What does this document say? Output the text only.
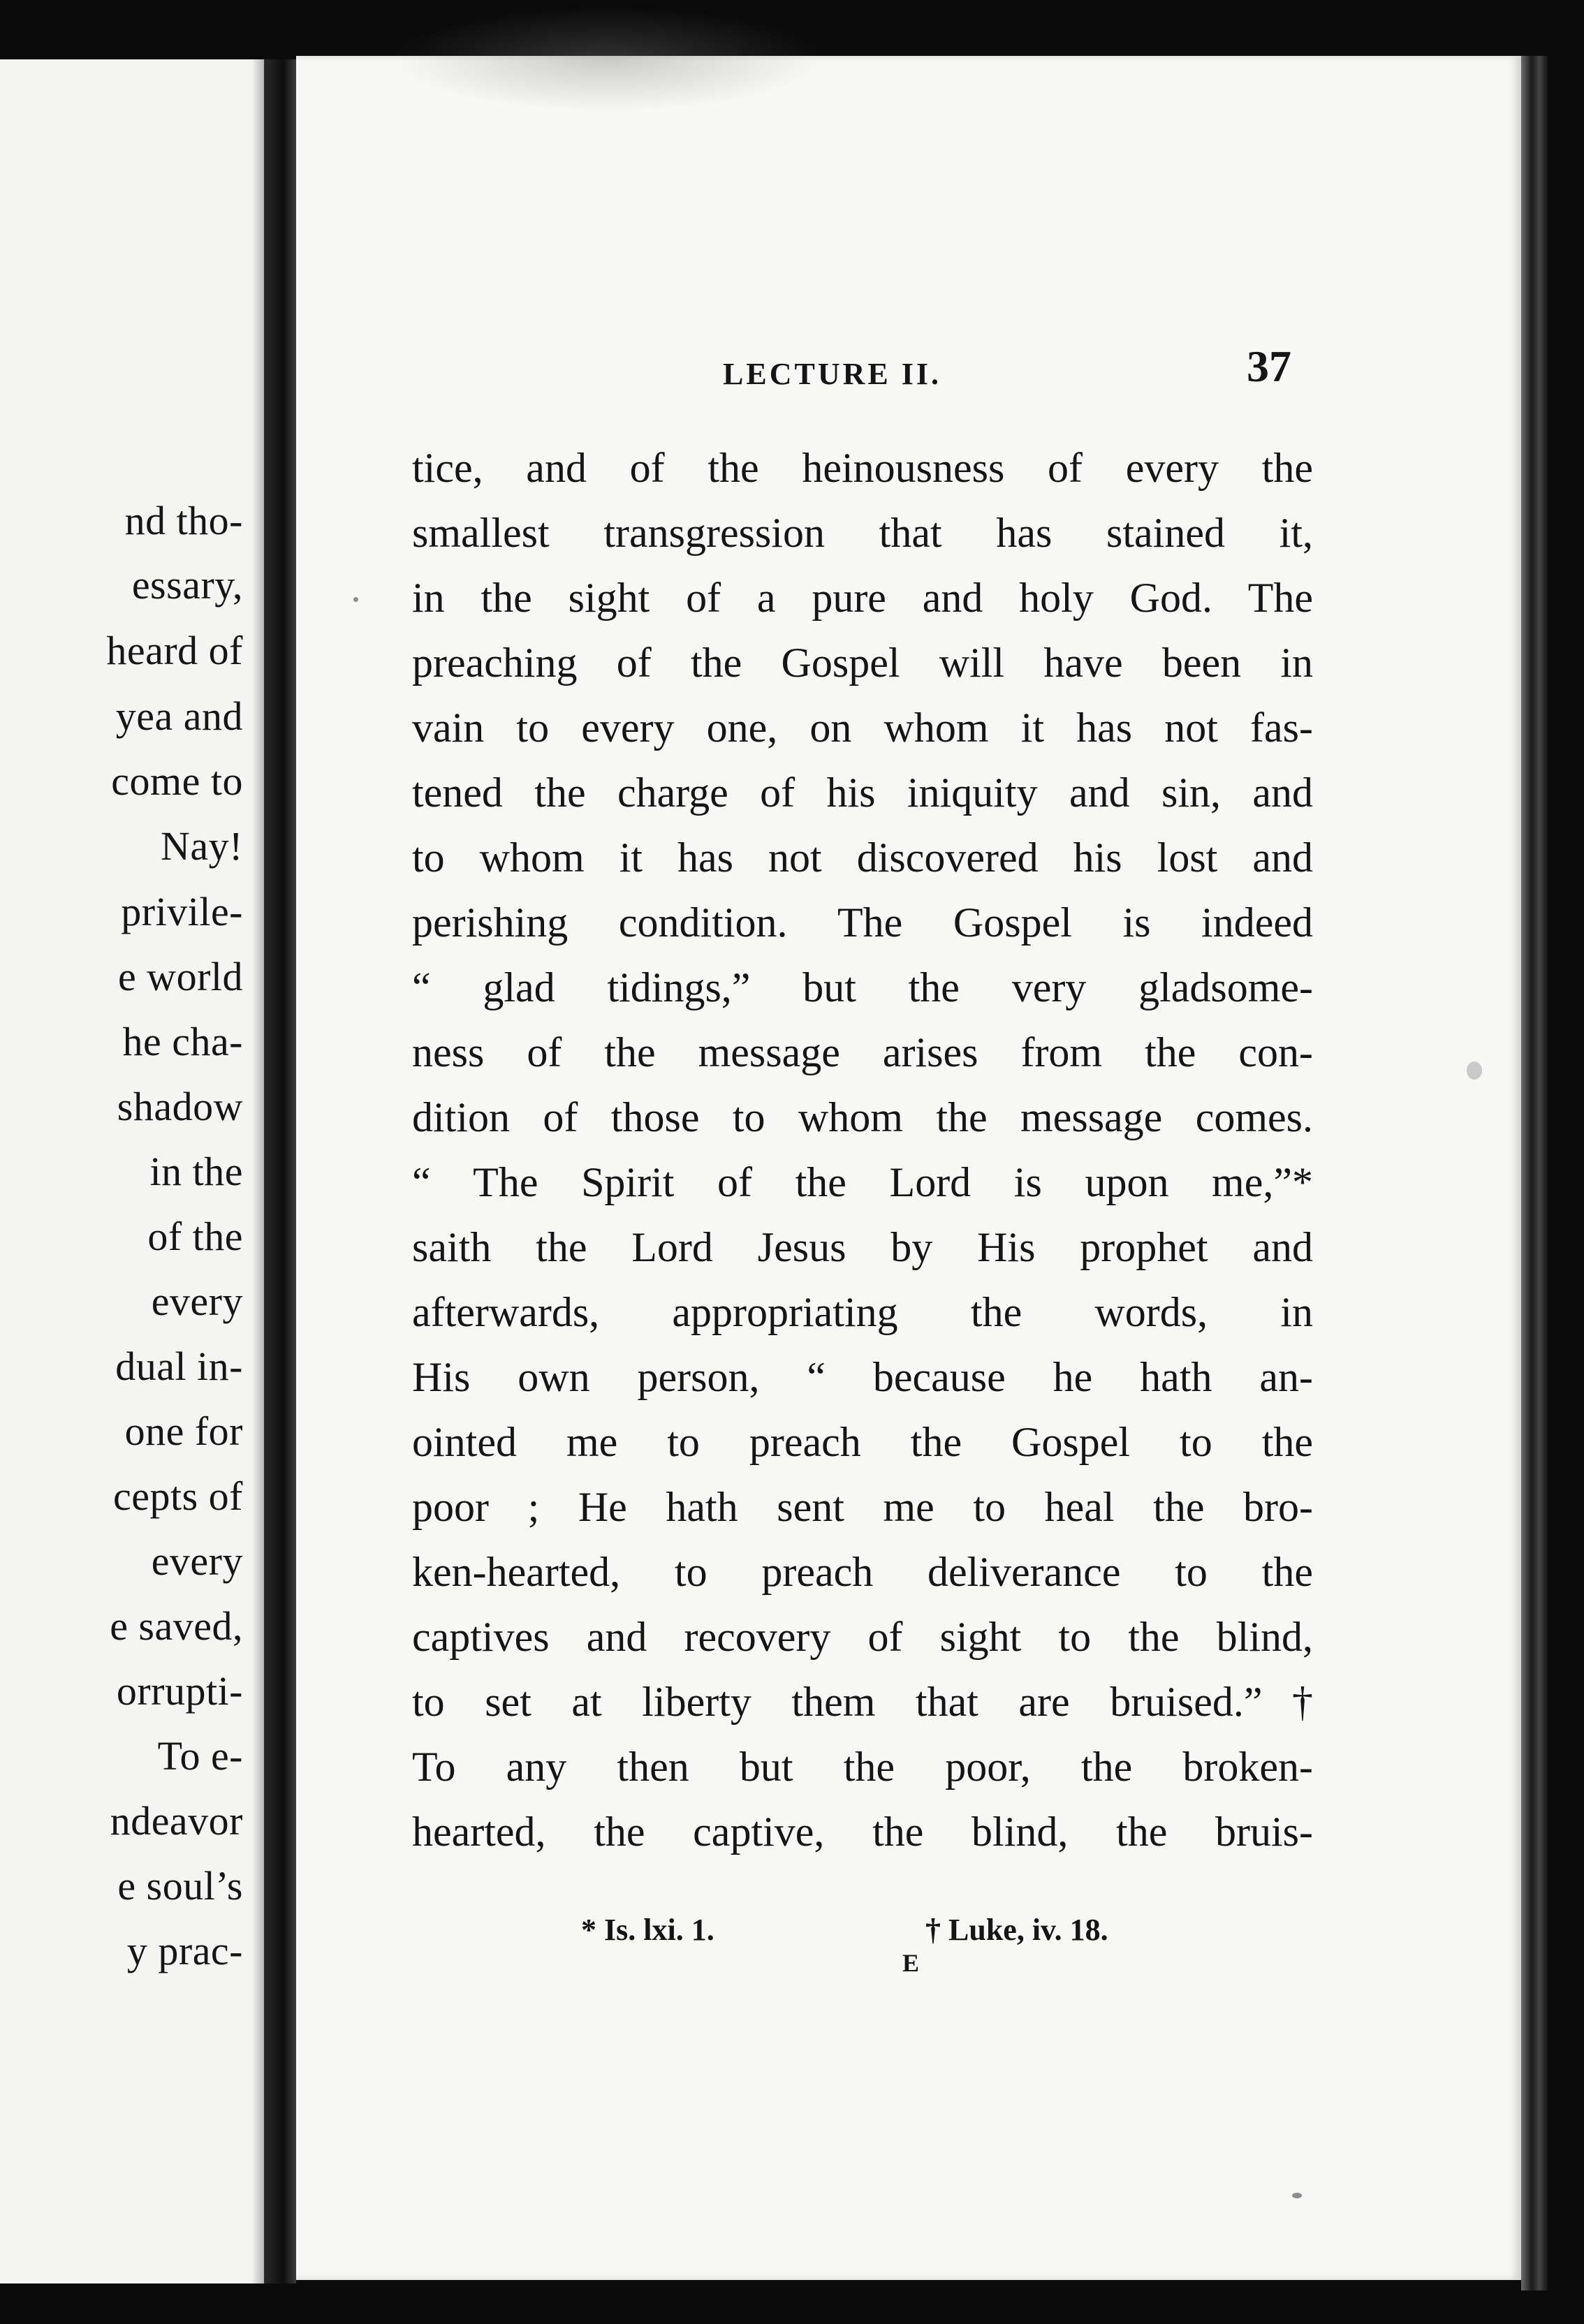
nd tho-
essary,
heard of
yea and
come to
Nay!
privile-
e world
he cha-
shadow
in the
of the
every
dual in-
one for
cepts of
every
e saved,
orrupti-
To e-
ndeavor
e soul’s
y prac-
LECTURE II.	37
tice, and of the heinousness of every the
smallest transgression that has stained it,
in the sight of a pure and holy God. The
preaching of the Gospel will have been in
vain to every one, on whom it has not fas-
tened the charge of his iniquity and sin, and
to whom it has not discovered his lost and
perishing condition. The Gospel is indeed
“ glad tidings,” but the very gladsome-
ness of the message arises from the con-
dition of those to whom the message comes.
“ The Spirit of the Lord is upon me,”*
saith the Lord Jesus by His prophet and
afterwards, appropriating the words, in
His own person, “ because he hath an-
ointed me to preach the Gospel to the
poor ; He hath sent me to heal the bro-
ken-hearted, to preach deliverance to the
captives and recovery of sight to the blind,
to set at liberty them that are bruised.”†
To any then but the poor, the broken-
hearted, the captive, the blind, the bruis-
* Is. lxi. 1.	† Luke, iv. 18.
E
